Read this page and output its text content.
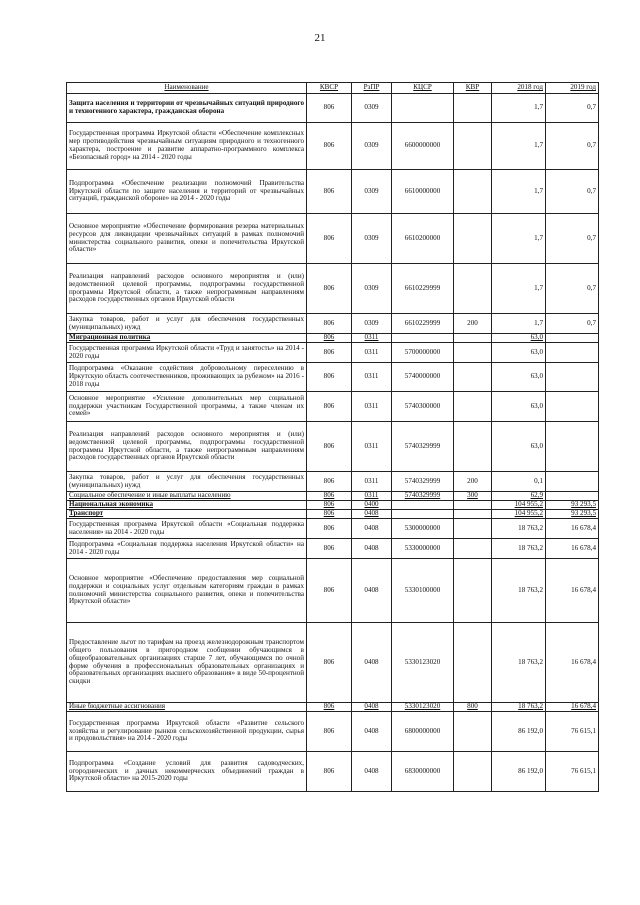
21
Наименование	КВСР	РзПР	КЦСР	КВР	2018 год	2019 год
Защита населения и территории от чрезвычайных ситуаций природного и техногенного характера, гражданская оборона	806	0309			1,7	0,7
Государственная программа Иркутской области «Обеспечение комплексных мер противодействия чрезвычайным ситуациям природного и техногенного характера, построение и развитие аппаратно-программного комплекса «Безопасный город» на 2014 - 2020 годы	806	0309	6600000000		1,7	0,7
Подпрограмма «Обеспечение реализации полномочий Правительства Иркутской области по защите населения и территорий от чрезвычайных ситуаций, гражданской обороне» на 2014 - 2020 годы	806	0309	6610000000		1,7	0,7
Основное мероприятие «Обеспечение формирования резерва материальных ресурсов для ликвидации чрезвычайных ситуаций в рамках полномочий министерства социального развития, опеки и попечительства Иркутской области»	806	0309	6610200000		1,7	0,7
Реализация направлений расходов основного мероприятия и (или) ведомственной целевой программы, подпрограммы государственной программы Иркутской области, а также непрограммным направлениям расходов государственных органов Иркутской области	806	0309	6610229999		1,7	0,7
Закупка товаров, работ и услуг для обеспечения государственных (муниципальных) нужд	806	0309	6610229999	200	1,7	0,7
Миграционная политика	806	0311			63,0	
Государственная программа Иркутской области «Труд и занятость» на 2014 - 2020 годы	806	0311	5700000000		63,0	
Подпрограмма «Оказание содействия добровольному переселению в Иркутскую область соотечественников, проживающих за рубежом» на 2016 - 2018 годы	806	0311	5740000000		63,0	
Основное мероприятие «Усиление дополнительных мер социальной поддержки участникам Государственной программы, а также членам их семей»	806	0311	5740300000		63,0	
Реализация направлений расходов основного мероприятия и (или) ведомственной целевой программы, подпрограммы государственной программы Иркутской области, а также непрограммным направлениям расходов государственных органов Иркутской области	806	0311	5740329999		63,0	
Закупка товаров, работ и услуг для обеспечения государственных (муниципальных) нужд	806	0311	5740329999	200	0,1	
Социальное обеспечение и иные выплаты населению	806	0311	5740329999	300	62,9	
Национальная экономика	806	0400			104 955,2	93 293,5
Транспорт	806	0408			104 955,2	93 293,5
Государственная программа Иркутской области «Социальная поддержка населения» на 2014 - 2020 годы	806	0408	5300000000		18 763,2	16 678,4
Подпрограмма «Социальная поддержка населения Иркутской области» на 2014 - 2020 годы	806	0408	5330000000		18 763,2	16 678,4
Основное мероприятие «Обеспечение предоставления мер социальной поддержки и социальных услуг отдельным категориям граждан в рамках полномочий министерства социального развития, опеки и попечительства Иркутской области»	806	0408	5330100000		18 763,2	16 678,4
Предоставление льгот по тарифам на проезд железнодорожным транспортом общего пользования в пригородном сообщении обучающимся в общеобразовательных организациях старше 7 лет, обучающимся по очной форме обучения в профессиональных образовательных организациях и образовательных организациях высшего образования» в виде 50-процентной скидки	806	0408	5330123020		18 763,2	16 678,4
Иные бюджетные ассигнования	806	0408	5330123020	800	18 763,2	16 678,4
Государственная программа Иркутской области «Развитие сельского хозяйства и регулирование рынков сельскохозяйственной продукции, сырья и продовольствия» на 2014 - 2020 годы	806	0408	6800000000		86 192,0	76 615,1
Подпрограмма «Создание условий для развития садоводческих, огороднических и дачных некоммерческих объединений граждан в Иркутской области» на 2015-2020 годы	806	0408	6830000000		86 192,0	76 615,1
